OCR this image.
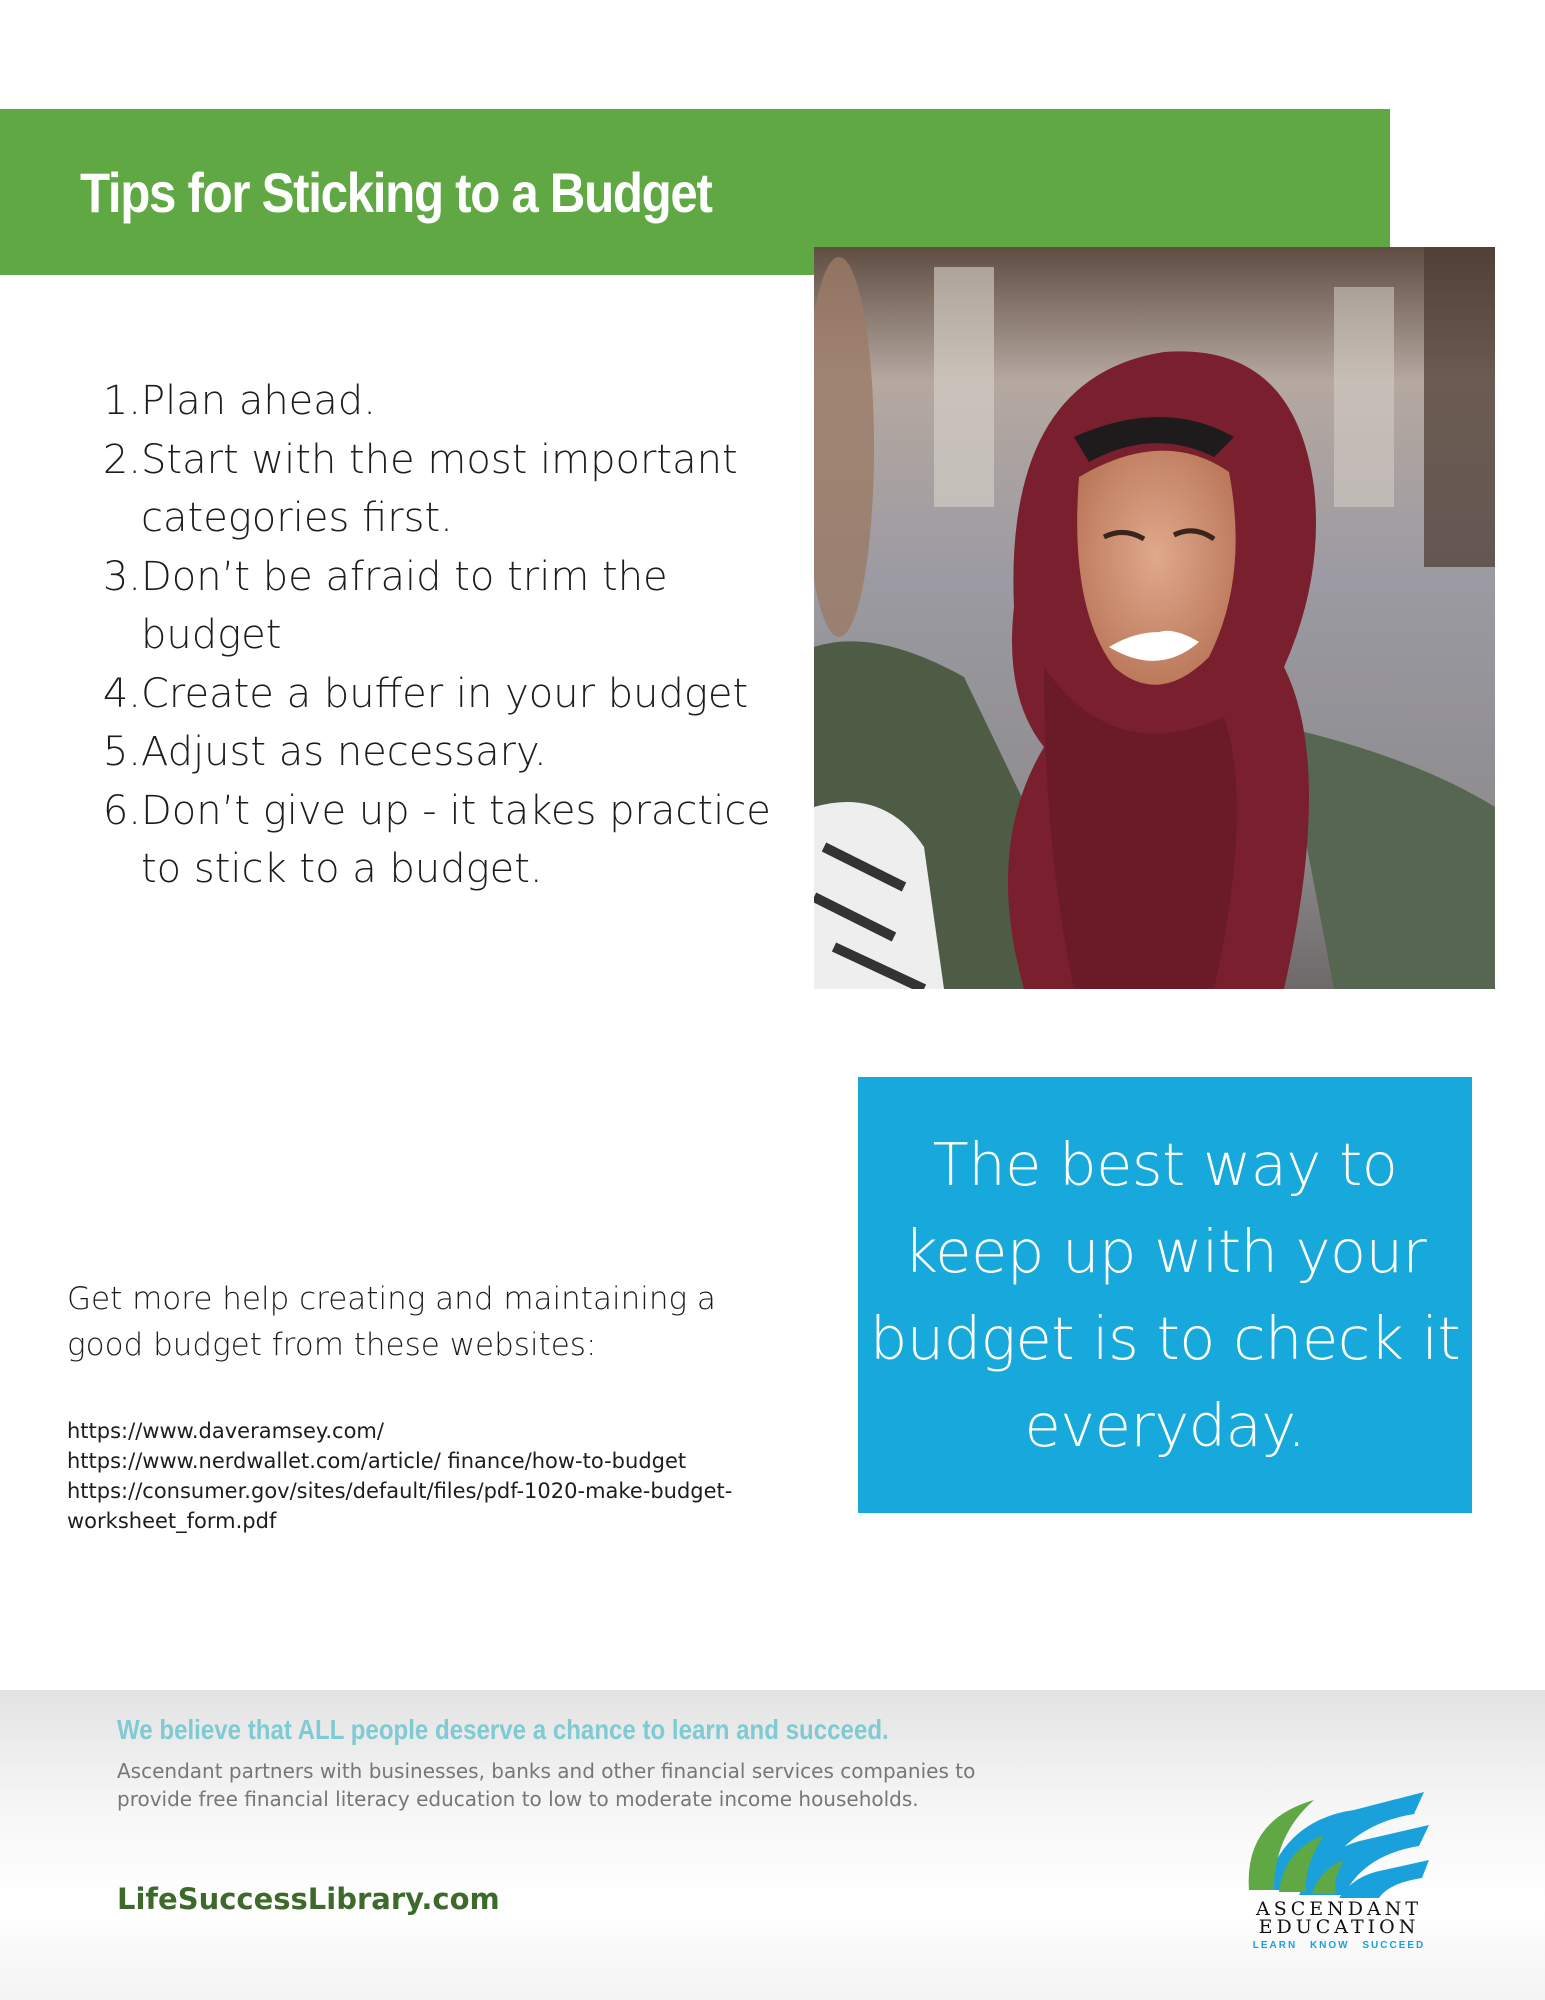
Tips for Sticking to a Budget
1. Plan ahead.
2. Start with the most important categories first.
3. Don’t be afraid to trim the budget
4. Create a buffer in your budget
5. Adjust as necessary.
6. Don’t give up - it takes practice to stick to a budget.

The best way to keep up with your budget is to check it everyday.

Get more help creating and maintaining a good budget from these websites:

https://www.daveramsey.com/
https://www.nerdwallet.com/article/ finance/how-to-budget
https://consumer.gov/sites/default/files/pdf-1020-make-budget-worksheet_form.pdf
We believe that ALL people deserve a chance to learn and succeed.
Ascendant partners with businesses, banks and other financial services companies to provide free financial literacy education to low to moderate income households.
LifeSuccessLibrary.com	ASCENDANT
EDUCATION
LEARN KNOW SUCCEED
